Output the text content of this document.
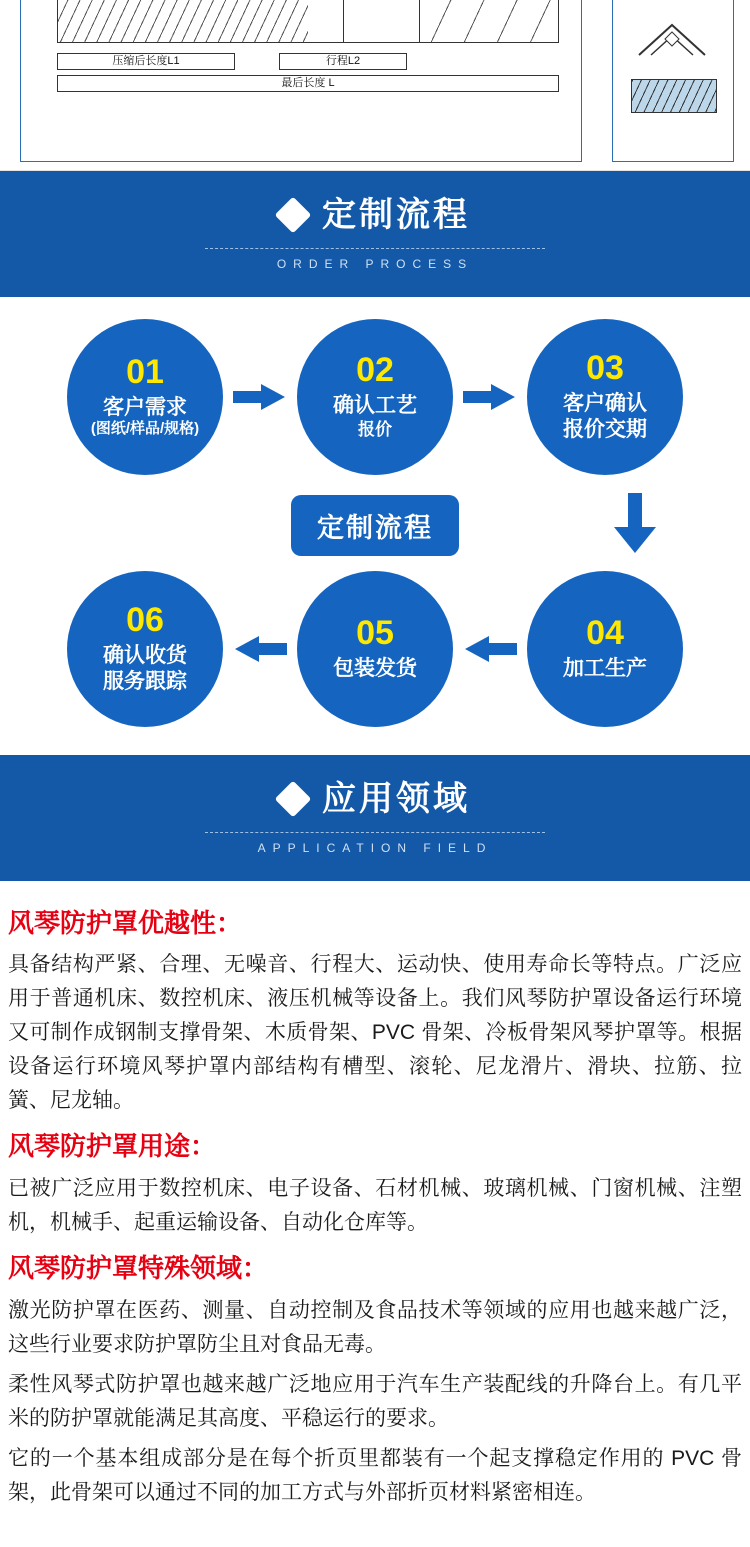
压缩后长度L1	行程L2
最后长度 L
定制流程
ORDER PROCESS
01
客户需求
(图纸/样品/规格)
02
确认工艺
报价
03
客户确认
报价交期
定制流程
06
确认收货
服务跟踪
05
包装发货
04
加工生产
应用领域
APPLICATION FIELD
风琴防护罩优越性：

具备结构严紧、合理、无噪音、行程大、运动快、使用寿命长等特点。广泛应用于普通机床、数控机床、液压机械等设备上。我们风琴防护罩设备运行环境又可制作成钢制支撑骨架、木质骨架、PVC 骨架、冷板骨架风琴护罩等。根据设备运行环境风琴护罩内部结构有槽型、滚轮、尼龙滑片、滑块、拉筋、拉簧、尼龙轴。

风琴防护罩用途：

已被广泛应用于数控机床、电子设备、石材机械、玻璃机械、门窗机械、注塑机，机械手、起重运输设备、自动化仓库等。

风琴防护罩特殊领域：

激光防护罩在医药、测量、自动控制及食品技术等领域的应用也越来越广泛，这些行业要求防护罩防尘且对食品无毒。

柔性风琴式防护罩也越来越广泛地应用于汽车生产装配线的升降台上。有几平米的防护罩就能满足其高度、平稳运行的要求。

它的一个基本组成部分是在每个折页里都装有一个起支撑稳定作用的 PVC 骨架，此骨架可以通过不同的加工方式与外部折页材料紧密相连。
